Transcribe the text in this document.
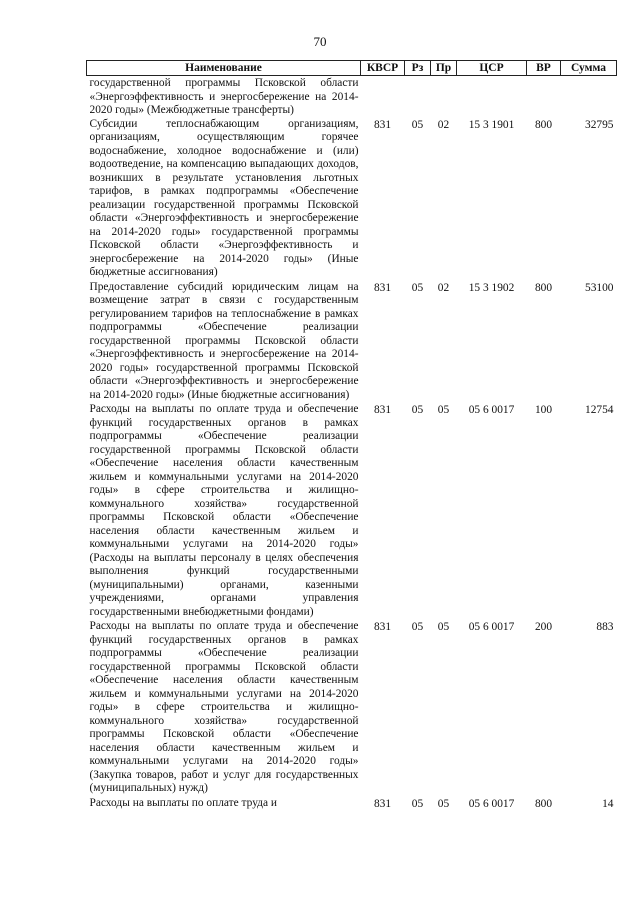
70
Наименование	КВСР	Рз	Пр	ЦСР	ВР	Сумма
государственной программы Псковской области «Энергоэффективность и энергосбережение на 2014-2020 годы» (Межбюджетные трансферты)						
Субсидии теплоснабжающим организациям, организациям, осуществляющим горячее водоснабжение, холодное водоснабжение и (или) водоотведение, на компенсацию выпадающих доходов, возникших в результате установления льготных тарифов, в рамках подпрограммы «Обеспечение реализации государственной программы Псковской области «Энергоэффективность и энергосбережение на 2014-2020 годы» государственной программы Псковской области «Энергоэффективность и энергосбережение на 2014-2020 годы» (Иные бюджетные ассигнования)	831	05	02	15 3 1901	800	32795
Предоставление субсидий юридическим лицам на возмещение затрат в связи с государственным регулированием тарифов на теплоснабжение в рамках подпрограммы «Обеспечение реализации государственной программы Псковской области «Энергоэффективность и энергосбережение на 2014-2020 годы» государственной программы Псковской области «Энергоэффективность и энергосбережение на 2014-2020 годы» (Иные бюджетные ассигнования)	831	05	02	15 3 1902	800	53100
Расходы на выплаты по оплате труда и обеспечение функций государственных органов в рамках подпрограммы «Обеспечение реализации государственной программы Псковской области «Обеспечение населения области качественным жильем и коммунальными услугами на 2014-2020 годы» в сфере строительства и жилищно-коммунального хозяйства» государственной программы Псковской области «Обеспечение населения области качественным жильем и коммунальными услугами на 2014-2020 годы» (Расходы на выплаты персоналу в целях обеспечения выполнения функций государственными (муниципальными) органами, казенными учреждениями, органами управления государственными внебюджетными фондами)	831	05	05	05 6 0017	100	12754
Расходы на выплаты по оплате труда и обеспечение функций государственных органов в рамках подпрограммы «Обеспечение реализации государственной программы Псковской области «Обеспечение населения области качественным жильем и коммунальными услугами на 2014-2020 годы» в сфере строительства и жилищно-коммунального хозяйства» государственной программы Псковской области «Обеспечение населения области качественным жильем и коммунальными услугами на 2014-2020 годы» (Закупка товаров, работ и услуг для государственных (муниципальных) нужд)	831	05	05	05 6 0017	200	883
Расходы на выплаты по оплате труда и	831	05	05	05 6 0017	800	14
